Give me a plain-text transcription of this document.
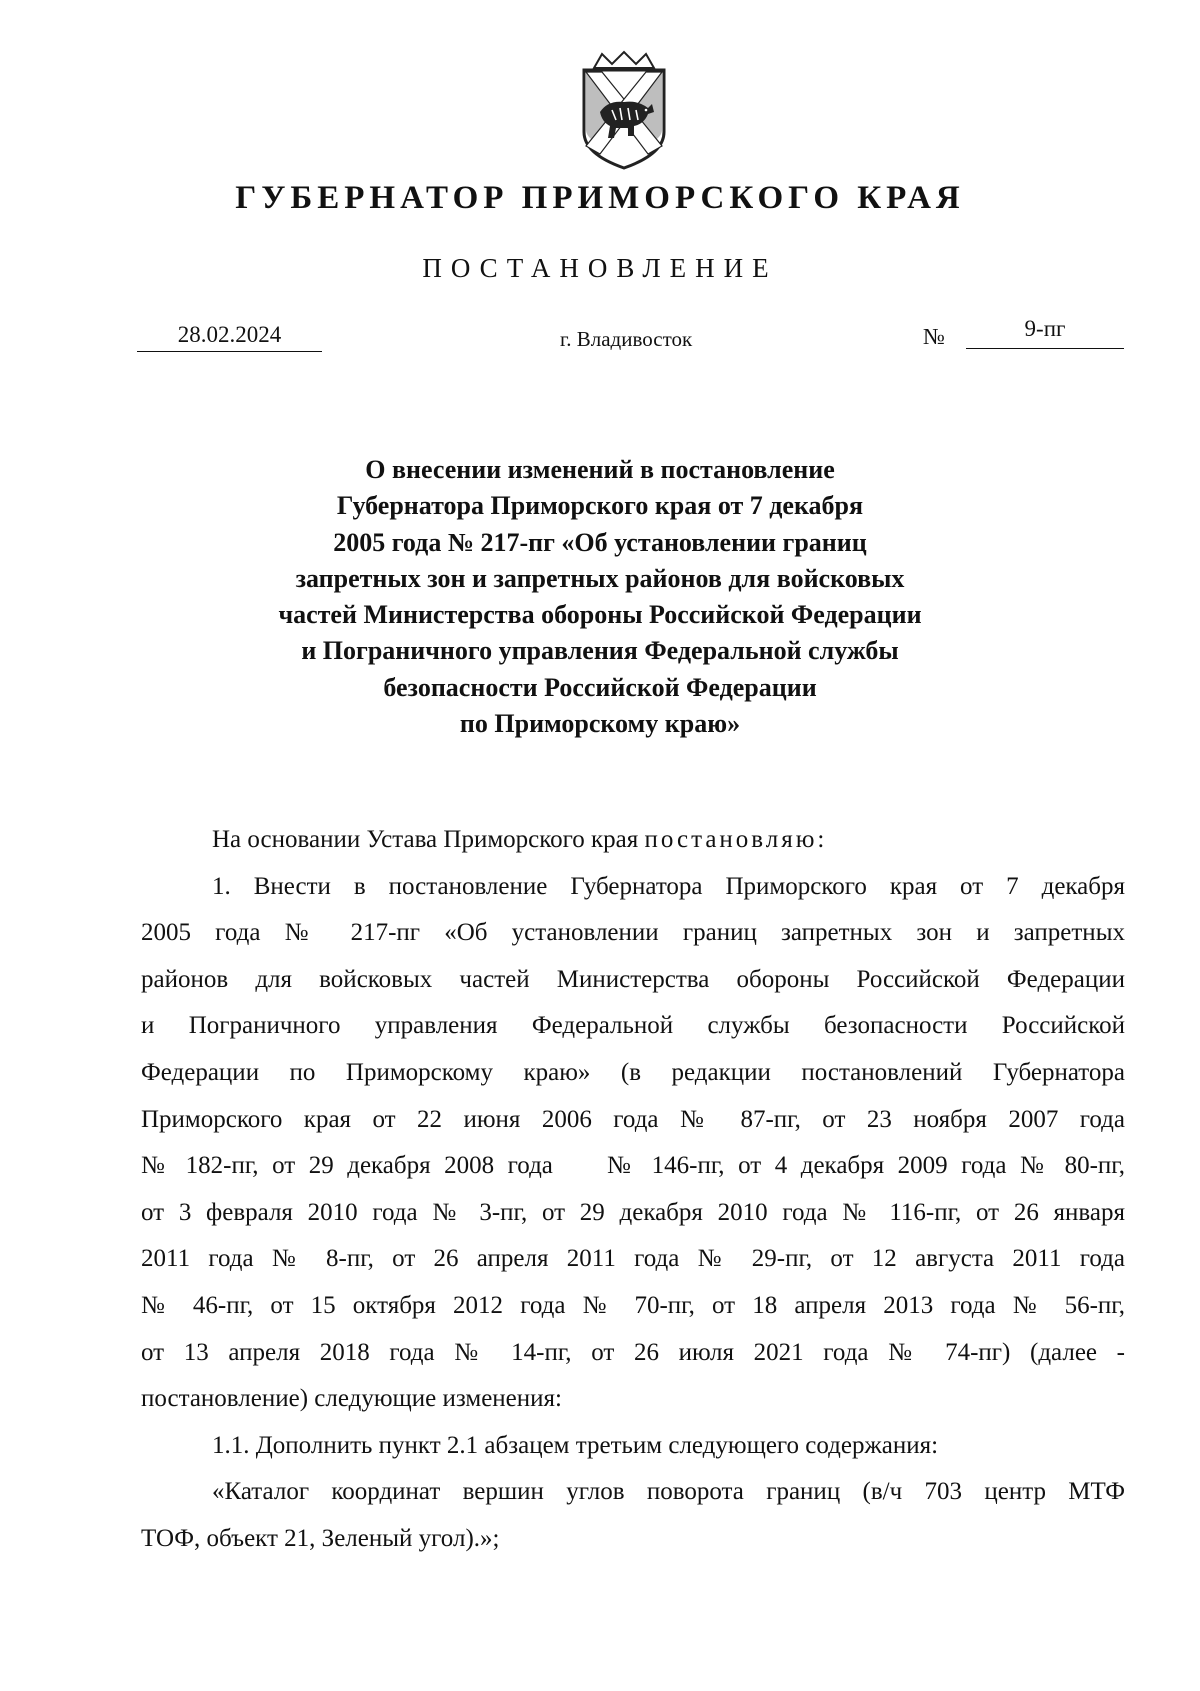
ГУБЕРНАТОР ПРИМОРСКОГО КРАЯ
ПОСТАНОВЛЕНИЕ
28.02.2024	г. Владивосток	№	9-пг
О внесении изменений в постановление
Губернатора Приморского края от 7 декабря
2005 года № 217-пг «Об установлении границ
запретных зон и запретных районов для войсковых
частей Министерства обороны Российской Федерации
и Пограничного управления Федеральной службы
безопасности Российской Федерации
по Приморскому краю»
На основании Устава Приморского края постановляю:
1. Внести в постановление Губернатора Приморского края от 7 декабря
2005 года № 217-пг «Об установлении границ запретных зон и запретных
районов для войсковых частей Министерства обороны Российской Федерации
и Пограничного управления Федеральной службы безопасности Российской
Федерации по Приморскому краю» (в редакции постановлений Губернатора
Приморского края от 22 июня 2006 года № 87-пг, от 23 ноября 2007 года
№ 182-пг, от 29 декабря 2008 года    № 146-пг, от 4 декабря 2009 года № 80-пг,
от 3 февраля 2010 года № 3-пг, от 29 декабря 2010 года № 116-пг, от 26 января
2011 года № 8-пг, от 26 апреля 2011 года № 29-пг, от 12 августа 2011 года
№ 46-пг, от 15 октября 2012 года № 70-пг, от 18 апреля 2013 года № 56-пг,
от 13 апреля 2018 года № 14-пг, от 26 июля 2021 года № 74-пг) (далее -
постановление) следующие изменения:
1.1. Дополнить пункт 2.1 абзацем третьим следующего содержания:
«Каталог координат вершин углов поворота границ (в/ч 703 центр МТФ
ТОФ, объект 21, Зеленый угол).»;
